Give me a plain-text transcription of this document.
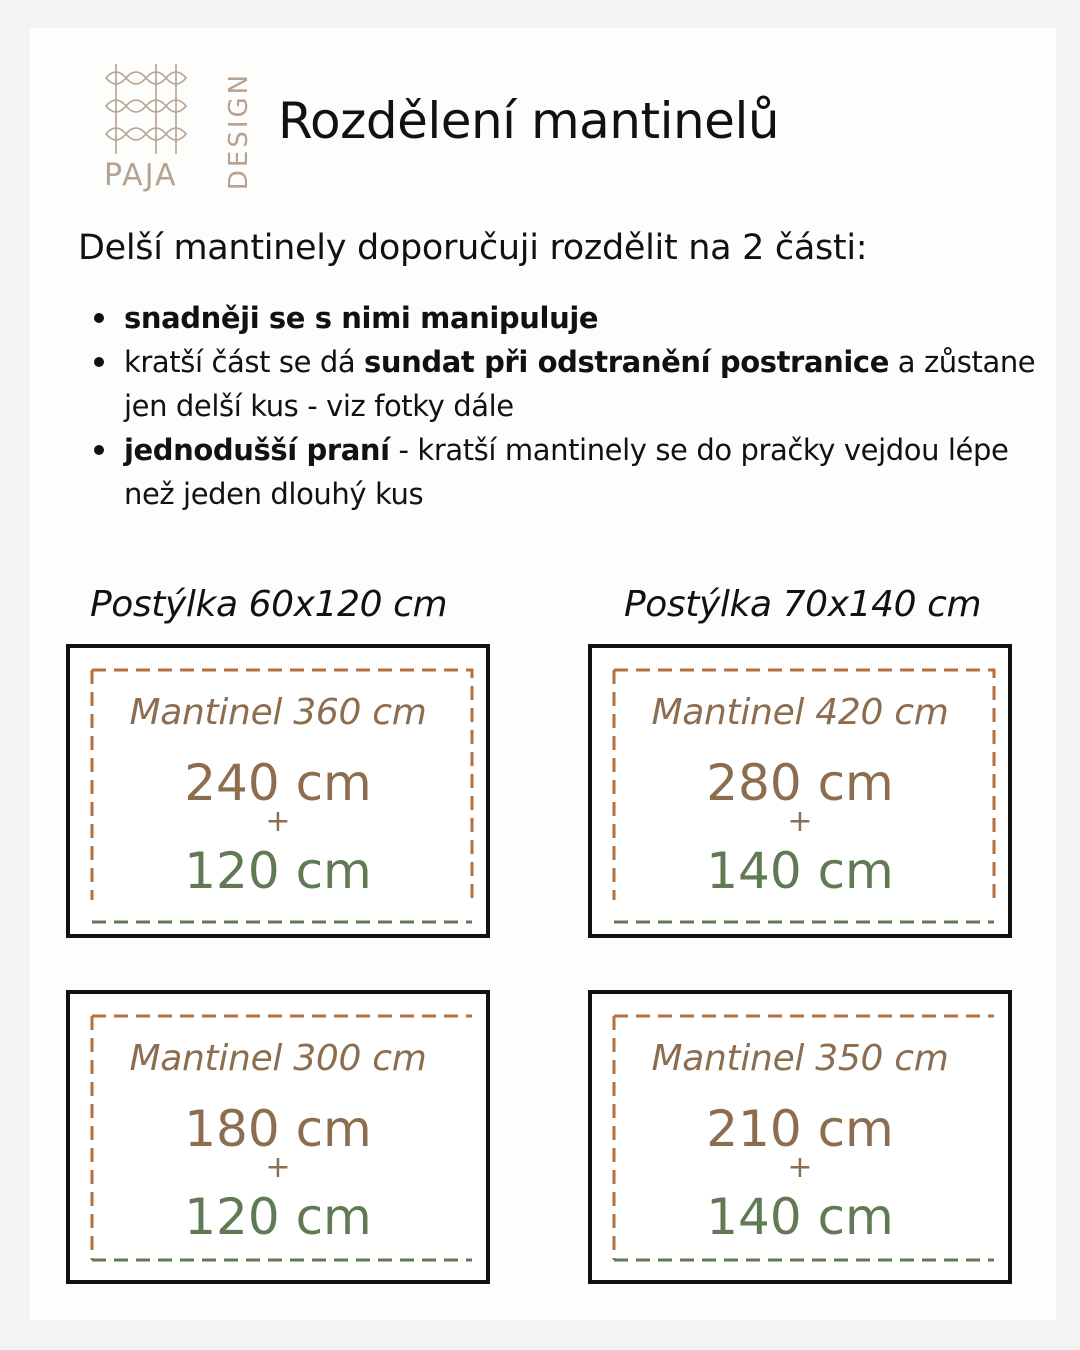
PAJA DESIGN Rozdělení mantinelů
Delší mantinely doporučuji rozdělit na 2 části:
snadněji se s nimi manipuluje
kratší část se dá sundat při odstranění postranice a zůstane jen delší kus - viz fotky dále
jednodušší praní - kratší mantinely se do pračky vejdou lépe než jeden dlouhý kus
Postýlka 60x120 cm	Postýlka 70x140 cm
Mantinel 360 cm
240 cm
+
120 cm
Mantinel 420 cm
280 cm
+
140 cm
Mantinel 300 cm
180 cm
+
120 cm
Mantinel 350 cm
210 cm
+
140 cm
